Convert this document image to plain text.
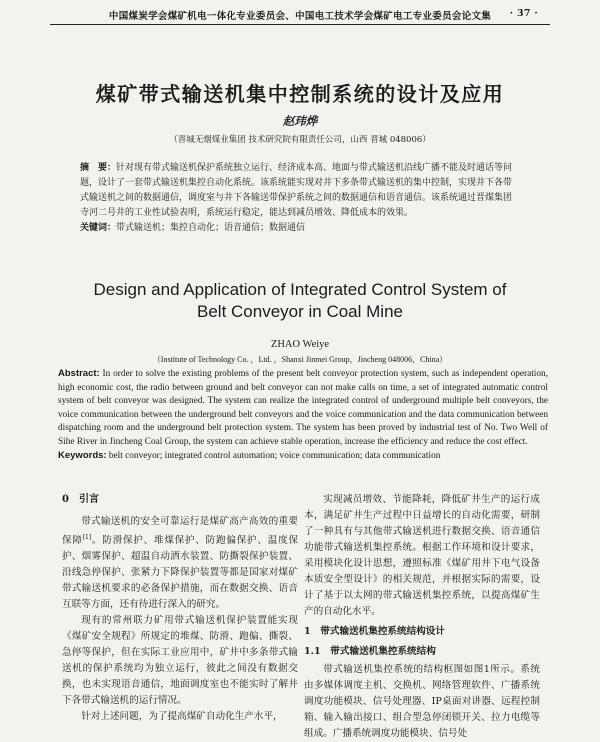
中国煤炭学会煤矿机电一体化专业委员会、中国电工技术学会煤矿电工专业委员会论文集 · 37 ·
煤矿带式输送机集中控制系统的设计及应用
赵玮烨
（晋城无烟煤业集团 技术研究院有限责任公司，山西 晋城 048006）
摘　要：针对现有带式输送机保护系统独立运行、经济成本高、地面与带式输送机沿线广播不能及时通话等问题，设计了一套带式输送机集控自动化系统。该系统能实现对井下多条带式输送机的集中控制，实现井下各带式输送机之间的数据通信，调度室与井下各输送带保护系统之间的数据通信和语音通信。该系统通过晋煤集团寺河二号井的工业性试验表明，系统运行稳定，能达到减员增效、降低成本的效果。
关键词：带式输送机；集控自动化；语音通信；数据通信
Design and Application of Integrated Control System of
Belt Conveyor in Coal Mine
ZHAO Weiye
（Institute of Technology Co．，Ltd．，Shanxi Jinmei Group，Jincheng 048006，China）
Abstract: In order to solve the existing problems of the present belt conveyor protection system, such as independent operation, high economic cost, the radio between ground and belt conveyor can not make calls on time, a set of integrated automatic control system of belt conveyor was designed. The system can realize the integrated control of underground multiple belt conveyors, the voice communication between the underground belt conveyors and the voice communication and the data communication between dispatching room and the underground belt protection system. The system has been proved by industrial test of No. Two Well of Sihe River in Jincheng Coal Group, the system can achieve stable operation, increase the efficiency and reduce the cost effect.
Keywords: belt conveyor; integrated control automation; voice communication; data communication
0　引言

带式输送机的安全可靠运行是煤矿高产高效的重要保障[1]。防滑保护、堆煤保护、防跑偏保护、温度保护、烟雾保护、超温自动洒水装置、防撕裂保护装置、沿线急停保护、张紧力下降保护装置等都是国家对煤矿带式输送机要求的必备保护措施，而在数据交换、语音互联等方面，还有待进行深入的研究。

现有的常州联力矿用带式输送机保护装置能实现《煤矿安全规程》所规定的堆煤、防滑、跑偏、撕裂、急停等保护，但在实际工业应用中，矿井中多条带式输送机的保护系统均为独立运行，彼此之间没有数据交换，也未实现语音通信，地面调度室也不能实时了解井下各带式输送机的运行情况。

针对上述问题，为了提高煤矿自动化生产水平，

实现减员增效、节能降耗，降低矿井生产的运行成本，满足矿井生产过程中日益增长的自动化需要，研制了一种具有与其他带式输送机进行数据交换、语音通信功能带式输送机集控系统。根据工作环境和设计要求，采用模块化设计思想，遵照标准《煤矿用井下电气设备本质安全型设计》的相关规范，并根据实际的需要，设计了基于以太网的带式输送机集控系统，以提高煤矿生产的自动化水平。

1　带式输送机集控系统结构设计

1.1　带式输送机集控系统结构

带式输送机集控系统的结构框图如图1所示。系统由多媒体调度主机、交换机、网络管理软件、广播系统调度功能模块、信号处理器、IP桌面对讲器、远程控制箱、输入输出接口、组合型急停闭锁开关、拉力电缆等组成。广播系统调度功能模块、信号处
